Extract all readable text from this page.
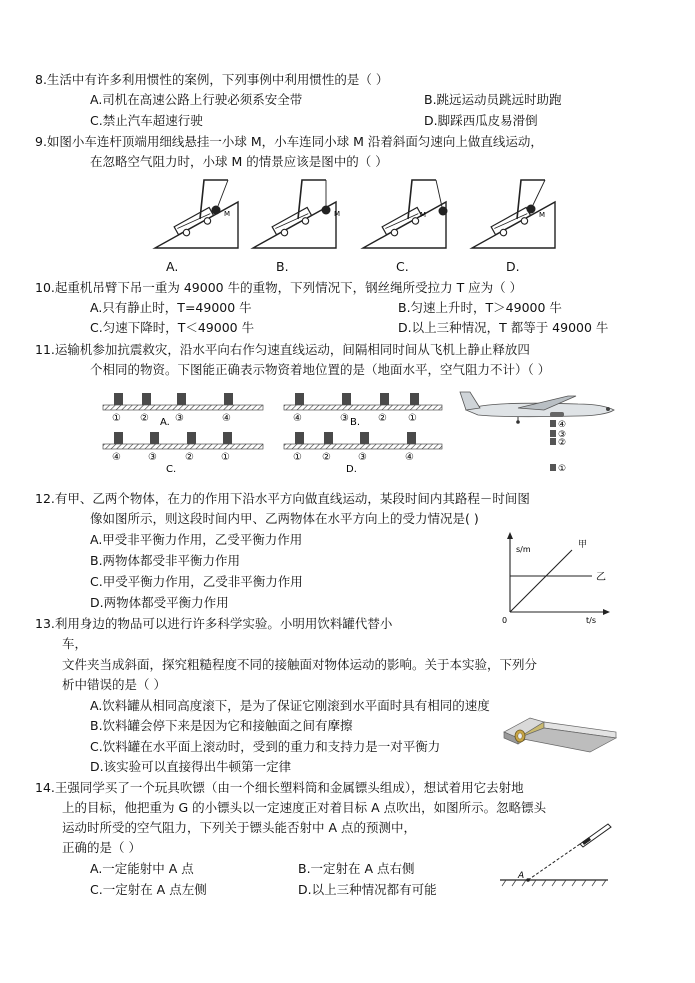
8.生活中有许多利用惯性的案例，下列事例中利用惯性的是（ ）
A.司机在高速公路上行驶必须系安全带	B.跳远运动员跳远时助跑
C.禁止汽车超速行驶	D.脚踩西瓜皮易滑倒
9.如图小车连杆顶端用细线悬挂一小球 M，小车连同小球 M 沿着斜面匀速向上做直线运动，
在忽略空气阻力时，小球 M 的情景应该是图中的（ ）
M	M	M	M
A.	B.	C.	D.
10.起重机吊臂下吊一重为 49000 牛的重物，下列情况下，钢丝绳所受拉力 T 应为（ ）
A.只有静止时，T=49000 牛	B.匀速上升时，T＞49000 牛
C.匀速下降时，T＜49000 牛	D.以上三种情况，T 都等于 49000 牛
11.运输机参加抗震救灾，沿水平向右作匀速直线运动，间隔相同时间从飞机上静止释放四
个相同的物资。下图能正确表示物资着地位置的是（地面水平，空气阻力不计）（ ）
① ②	③	④
A.	④	③	② ①
B.
④	③	②	①
C.
① ②	③	④
D.
④
③
②
①
12.有甲、乙两个物体，在力的作用下沿水平方向做直线运动，某段时间内其路程－时间图
像如图所示，则这段时间内甲、乙两物体在水平方向上的受力情况是( )
A.甲受非平衡力作用，乙受平衡力作用
B.两物体都受非平衡力作用
C.甲受平衡力作用，乙受非平衡力作用
D.两物体都受平衡力作用
s/m	甲
乙
0	t/s
13.利用身边的物品可以进行许多科学实验。小明用饮料罐代替小
车，
文件夹当成斜面，探究粗糙程度不同的接触面对物体运动的影响。关于本实验，下列分
析中错误的是（ ）
A.饮料罐从相同高度滚下，是为了保证它刚滚到水平面时具有相同的速度
B.饮料罐会停下来是因为它和接触面之间有摩擦
C.饮料罐在水平面上滚动时，受到的重力和支持力是一对平衡力
D.该实验可以直接得出牛顿第一定律
14.王强同学买了一个玩具吹镖（由一个细长塑料筒和金属镖头组成），想试着用它去射地
上的目标，他把重为 G 的小镖头以一定速度正对着目标 A 点吹出，如图所示。忽略镖头
运动时所受的空气阻力，下列关于镖头能否射中 A 点的预测中，
正确的是（ ）
A.一定能射中 A 点	B.一定射在 A 点右侧
C.一定射在 A 点左侧	D.以上三种情况都有可能
A
